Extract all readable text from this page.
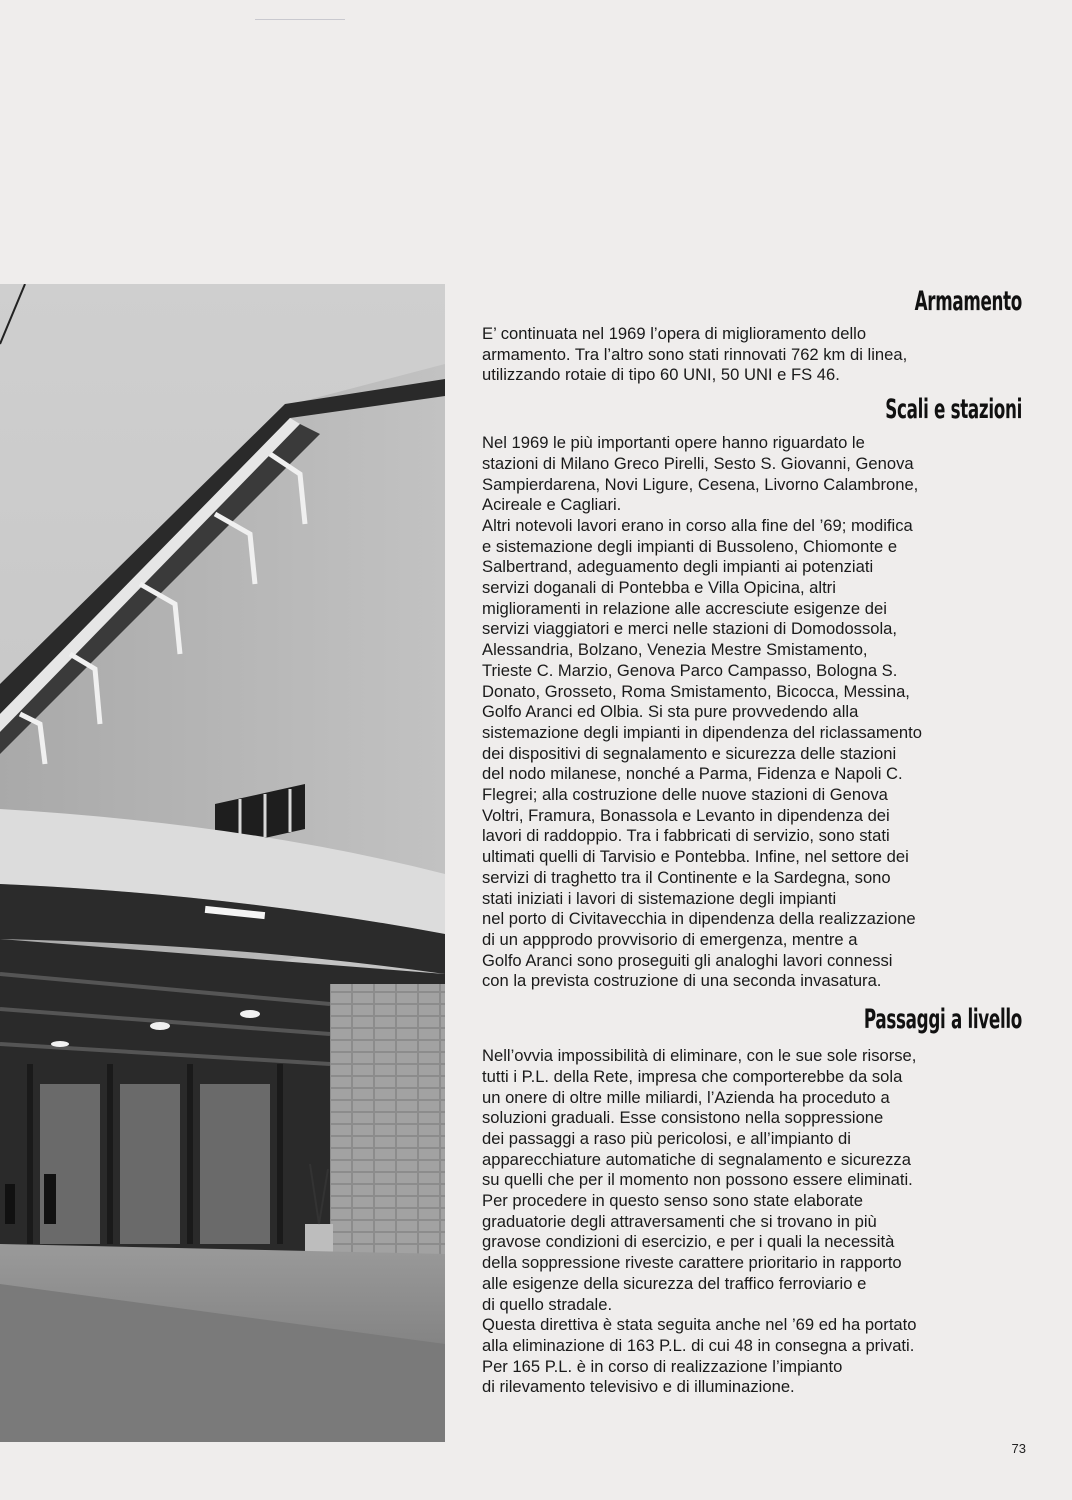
Armamento

E’ continuata nel 1969 l’opera di miglioramento dello
armamento. Tra l’altro sono stati rinnovati 762 km di linea,
utilizzando rotaie di tipo 60 UNI, 50 UNI e FS 46.

Scali e stazioni

Nel 1969 le più importanti opere hanno riguardato le
stazioni di Milano Greco Pirelli, Sesto S. Giovanni, Genova
Sampierdarena, Novi Ligure, Cesena, Livorno Calambrone,
Acireale e Cagliari.
Altri notevoli lavori erano in corso alla fine del ’69; modifica
e sistemazione degli impianti di Bussoleno, Chiomonte e
Salbertrand, adeguamento degli impianti ai potenziati
servizi doganali di Pontebba e Villa Opicina, altri
miglioramenti in relazione alle accresciute esigenze dei
servizi viaggiatori e merci nelle stazioni di Domodossola,
Alessandria, Bolzano, Venezia Mestre Smistamento,
Trieste C. Marzio, Genova Parco Campasso, Bologna S.
Donato, Grosseto, Roma Smistamento, Bicocca, Messina,
Golfo Aranci ed Olbia. Si sta pure provvedendo alla
sistemazione degli impianti in dipendenza del riclassamento
dei dispositivi di segnalamento e sicurezza delle stazioni
del nodo milanese, nonché a Parma, Fidenza e Napoli C.
Flegrei; alla costruzione delle nuove stazioni di Genova
Voltri, Framura, Bonassola e Levanto in dipendenza dei
lavori di raddoppio. Tra i fabbricati di servizio, sono stati
ultimati quelli di Tarvisio e Pontebba. Infine, nel settore dei
servizi di traghetto tra il Continente e la Sardegna, sono
stati iniziati i lavori di sistemazione degli impianti
nel porto di Civitavecchia in dipendenza della realizzazione
di un appprodo provvisorio di emergenza, mentre a
Golfo Aranci sono proseguiti gli analoghi lavori connessi
con la prevista costruzione di una seconda invasatura.

Passaggi a livello

Nell’ovvia impossibilità di eliminare, con le sue sole risorse,
tutti i P.L. della Rete, impresa che comporterebbe da sola
un onere di oltre mille miliardi, l’Azienda ha proceduto a
soluzioni graduali. Esse consistono nella soppressione
dei passaggi a raso più pericolosi, e all’impianto di
apparecchiature automatiche di segnalamento e sicurezza
su quelli che per il momento non possono essere eliminati.
Per procedere in questo senso sono state elaborate
graduatorie degli attraversamenti che si trovano in più
gravose condizioni di esercizio, e per i quali la necessità
della soppressione riveste carattere prioritario in rapporto
alle esigenze della sicurezza del traffico ferroviario e
di quello stradale.
Questa direttiva è stata seguita anche nel ’69 ed ha portato
alla eliminazione di 163 P.L. di cui 48 in consegna a privati.
Per 165 P.L. è in corso di realizzazione l’impianto
di rilevamento televisivo e di illuminazione.

73
